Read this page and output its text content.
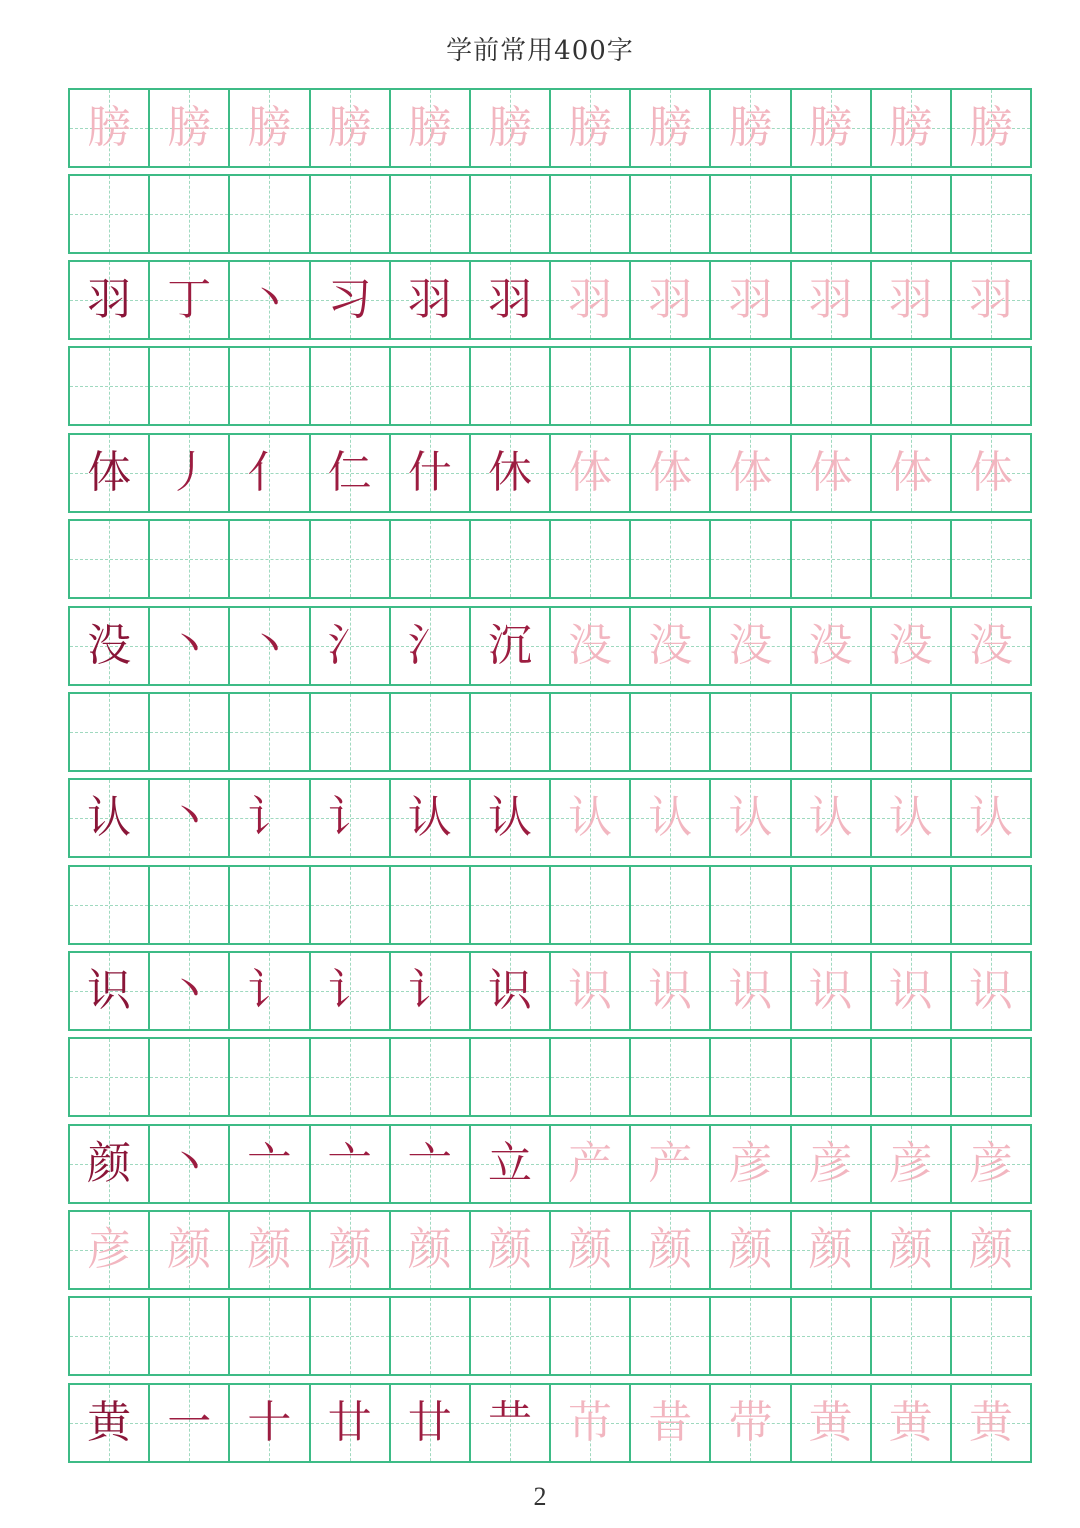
学前常用400字
膀 膀 膀 膀 膀 膀 膀 膀 膀 膀 膀 膀
羽 丁 丶 习 羽 羽 羽 羽 羽 羽 羽 羽
体 丿 亻 仁 什 休 体 体 体 体 体 体
没 丶 丶 氵 氵 沉 没 没 没 没 没 没
认 丶 讠 讠 认 认 认 认 认 认 认 认
识 丶 讠 讠 讠 识 识 识 识 识 识 识
颜 丶 亠 亠 亠 立 产 产 彦 彦 彦 彦
彦 颜 颜 颜 颜 颜 颜 颜 颜 颜 颜 颜
黄 一 十 廿 廿 龷 芇 昔 带 黄 黄 黄
2
